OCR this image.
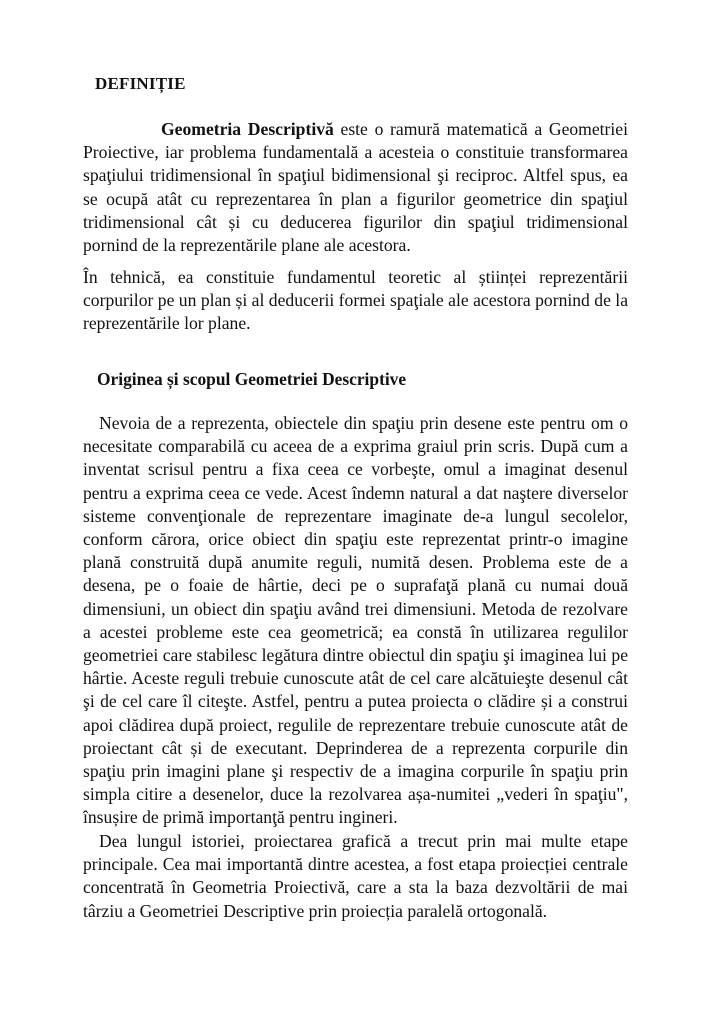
DEFINIȚIE

Geometria Descriptivă este o ramură matematică a Geometriei Proiective, iar problema fundamentală a acesteia o constituie transformarea spaţiului tridimensional în spaţiul bidimensional şi reciproc. Altfel spus, ea se ocupă atât cu reprezentarea în plan a figurilor geometrice din spaţiul tridimensional cât și cu deducerea figurilor din spaţiul tridimensional pornind de la reprezentările plane ale acestora.

În tehnică, ea constituie fundamentul teoretic al științei reprezentării corpurilor pe un plan și al deducerii formei spaţiale ale acestora pornind de la reprezentările lor plane.

Originea și scopul Geometriei Descriptive

Nevoia de a reprezenta, obiectele din spaţiu prin desene este pentru om o necesitate comparabilă cu aceea de a exprima graiul prin scris. După cum a inventat scrisul pentru a fixa ceea ce vorbeşte, omul a imaginat desenul pentru a exprima ceea ce vede. Acest îndemn natural a dat naştere diverselor sisteme convenţionale de reprezentare imaginate de-a lungul secolelor, conform cărora, orice obiect din spaţiu este reprezentat printr-o imagine plană construită după anumite reguli, numită desen. Problema este de a desena, pe o foaie de hârtie, deci pe o suprafaţă plană cu numai două dimensiuni, un obiect din spaţiu având trei dimensiuni. Metoda de rezolvare a acestei probleme este cea geometrică; ea constă în utilizarea regulilor geometriei care stabilesc legătura dintre obiectul din spaţiu şi imaginea lui pe hârtie. Aceste reguli trebuie cunoscute atât de cel care alcătuieşte desenul cât şi de cel care îl citeşte. Astfel, pentru a putea proiecta o clădire și a construi apoi clădirea după proiect, regulile de reprezentare trebuie cunoscute atât de proiectant cât și de executant. Deprinderea de a reprezenta corpurile din spaţiu prin imagini plane şi respectiv de a imagina corpurile în spaţiu prin simpla citire a desenelor, duce la rezolvarea așa-numitei „vederi în spaţiu", însușire de primă importanţă pentru ingineri.

Dea lungul istoriei, proiectarea grafică a trecut prin mai multe etape principale. Cea mai importantă dintre acestea, a fost etapa proiecției centrale concentrată în Geometria Proiectivă, care a sta la baza dezvoltării de mai târziu a Geometriei Descriptive prin proiecția paralelă ortogonală.
